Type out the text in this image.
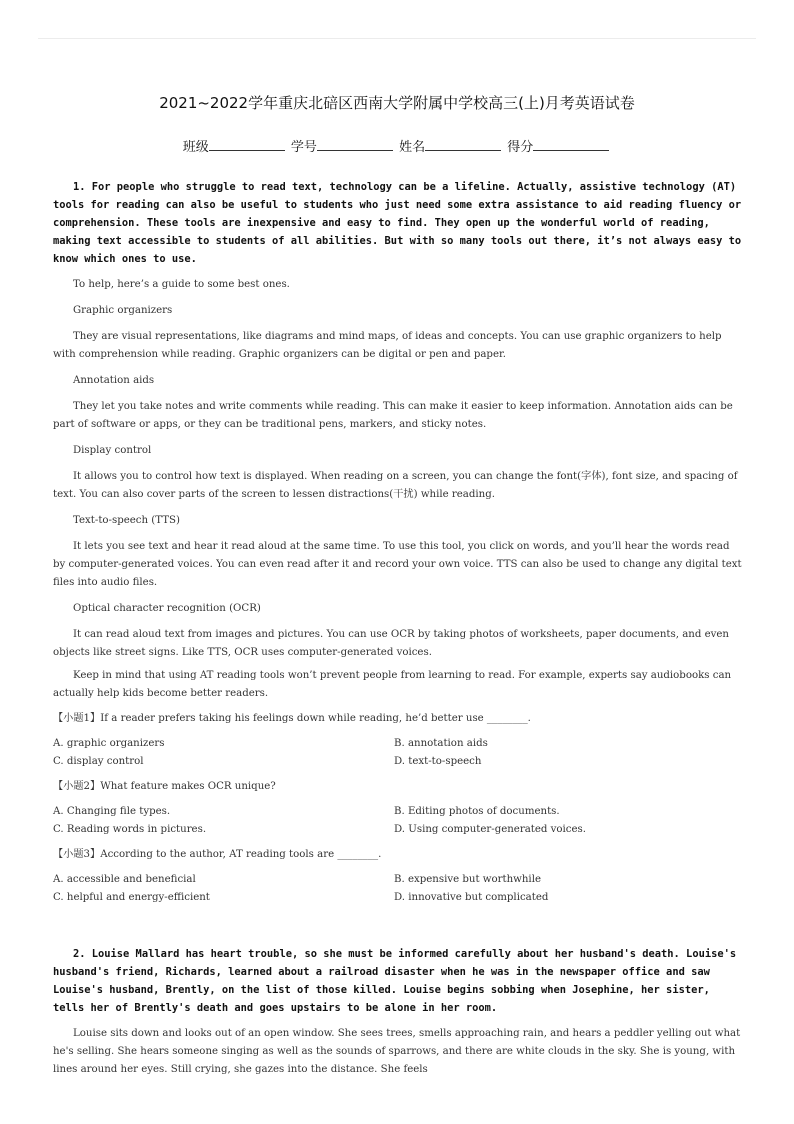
2021~2022学年重庆北碚区西南大学附属中学校高三(上)月考英语试卷
班级	学号	姓名	得分

1. For people who struggle to read text, technology can be a lifeline. Actually, assistive technology (AT) tools for reading can also be useful to students who just need some extra assistance to aid reading fluency or comprehension. These tools are inexpensive and easy to find. They open up the wonderful world of reading, making text accessible to students of all abilities. But with so many tools out there, it’s not always easy to know which ones to use.

To help, here’s a guide to some best ones.

Graphic organizers

They are visual representations, like diagrams and mind maps, of ideas and concepts. You can use graphic organizers to help with comprehension while reading. Graphic organizers can be digital or pen and paper.

Annotation aids

They let you take notes and write comments while reading. This can make it easier to keep information. Annotation aids can be part of software or apps, or they can be traditional pens, markers, and sticky notes.

Display control

It allows you to control how text is displayed. When reading on a screen, you can change the font(字体), font size, and spacing of text. You can also cover parts of the screen to lessen distractions(干扰) while reading.

Text-to-speech (TTS)

It lets you see text and hear it read aloud at the same time. To use this tool, you click on words, and you’ll hear the words read by computer-generated voices. You can even read after it and record your own voice. TTS can also be used to change any digital text files into audio files.

Optical character recognition (OCR)

It can read aloud text from images and pictures. You can use OCR by taking photos of worksheets, paper documents, and even objects like street signs. Like TTS, OCR uses computer-generated voices.

Keep in mind that using AT reading tools won’t prevent people from learning to read. For example, experts say audiobooks can actually help kids become better readers.

【小题1】If a reader prefers taking his feelings down while reading, he’d better use ________.

A. graphic organizers	B. annotation aids
C. display control	D. text-to-speech

【小题2】What feature makes OCR unique?

A. Changing file types.	B. Editing photos of documents.
C. Reading words in pictures.	D. Using computer-generated voices.

【小题3】According to the author, AT reading tools are ________.

A. accessible and beneficial	B. expensive but worthwhile
C. helpful and energy-efficient	D. innovative but complicated

2. Louise Mallard has heart trouble, so she must be informed carefully about her husband's death. Louise's husband's friend, Richards, learned about a railroad disaster when he was in the newspaper office and saw Louise's husband, Brently, on the list of those killed. Louise begins sobbing when Josephine, her sister, tells her of Brently's death and goes upstairs to be alone in her room.

Louise sits down and looks out of an open window. She sees trees, smells approaching rain, and hears a peddler yelling out what he's selling. She hears someone singing as well as the sounds of sparrows, and there are white clouds in the sky. She is young, with lines around her eyes. Still crying, she gazes into the distance. She feels
